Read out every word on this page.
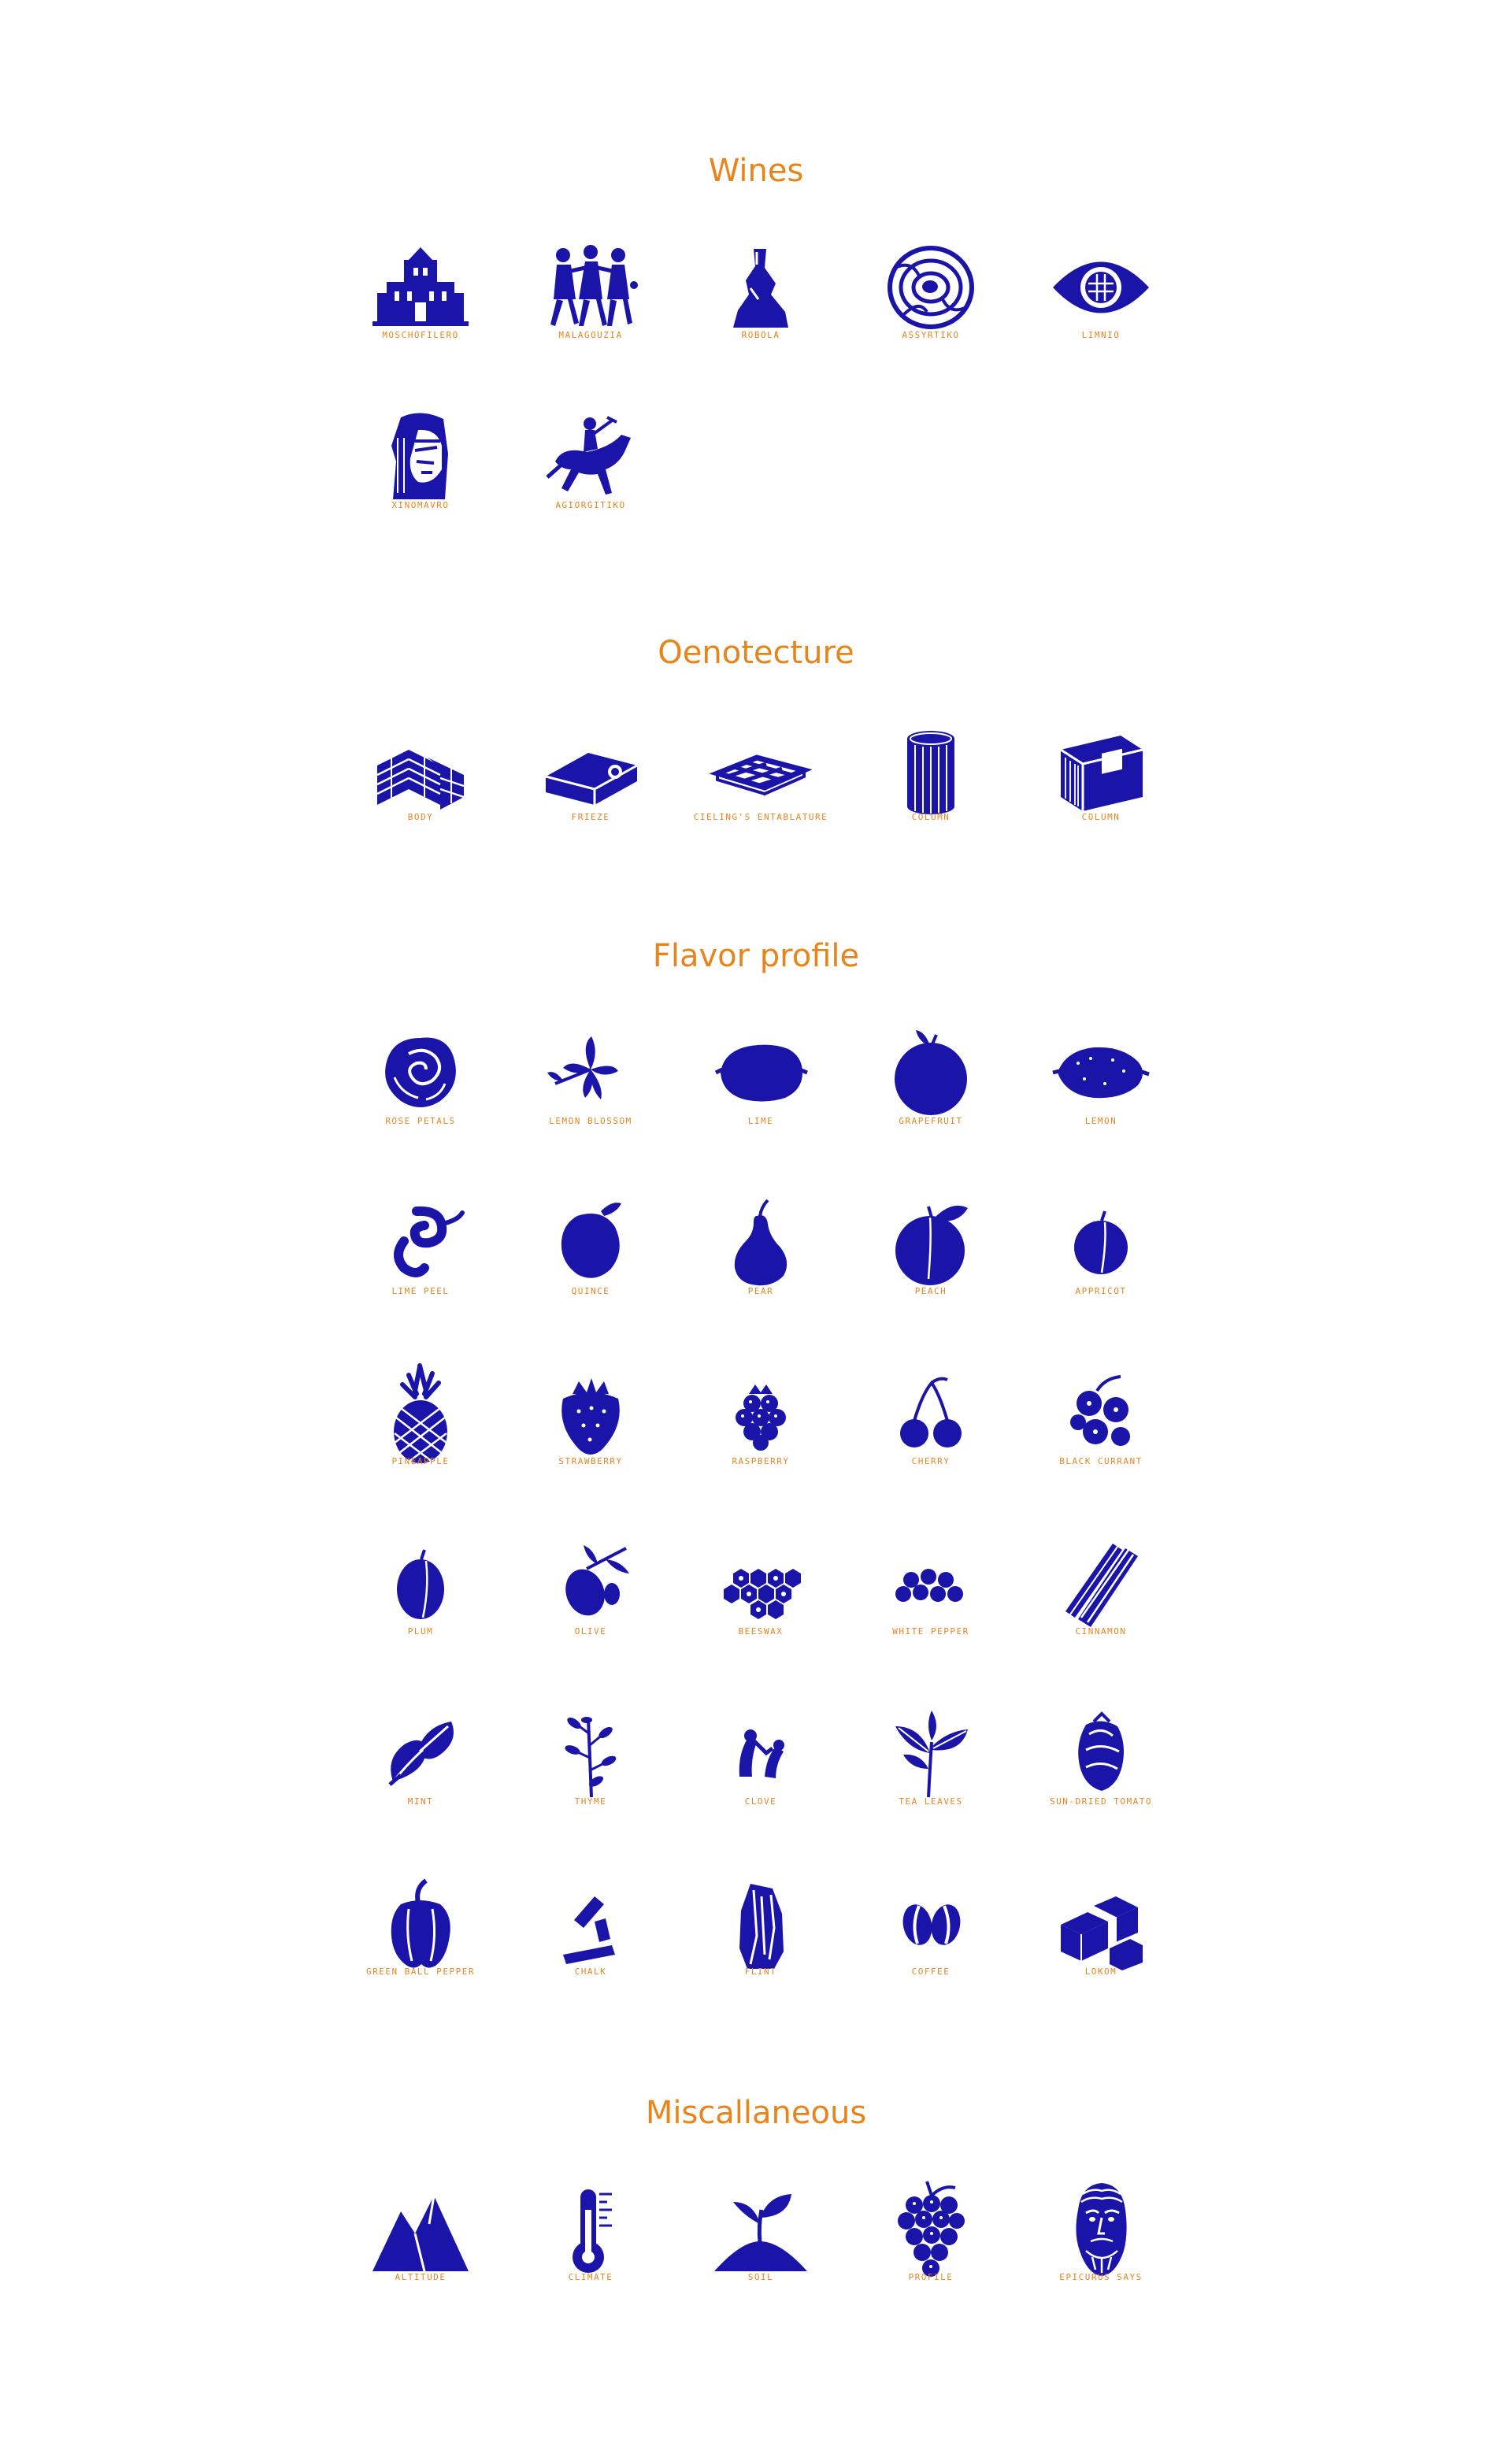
Wines
MOSCHOFILERO	MALAGOUZIA	ROBOLA	ASSYRTIKO	LIMNIO
XINOMAVRO	AGIORGITIKO
Oenotecture
BODY	FRIEZE	CIELING'S ENTABLATURE	COLUMN	COLUMN
Flavor profile
ROSE PETALS	LEMON BLOSSOM	LIME	GRAPEFRUIT	LEMON
LIME PEEL	QUINCE	PEAR	PEACH	APPRICOT
PINEAPPLE	STRAWBERRY	RASPBERRY	CHERRY	BLACK CURRANT
PLUM	OLIVE	BEESWAX	WHITE PEPPER	CINNAMON
MINT	THYME	CLOVE	TEA LEAVES	SUN-DRIED TOMATO
GREEN BALL PEPPER	CHALK	FLINT	COFFEE	LOKOM
Miscallaneous
ALTITUDE	CLIMATE	SOIL	PROFILE	EPICURUS SAYS
